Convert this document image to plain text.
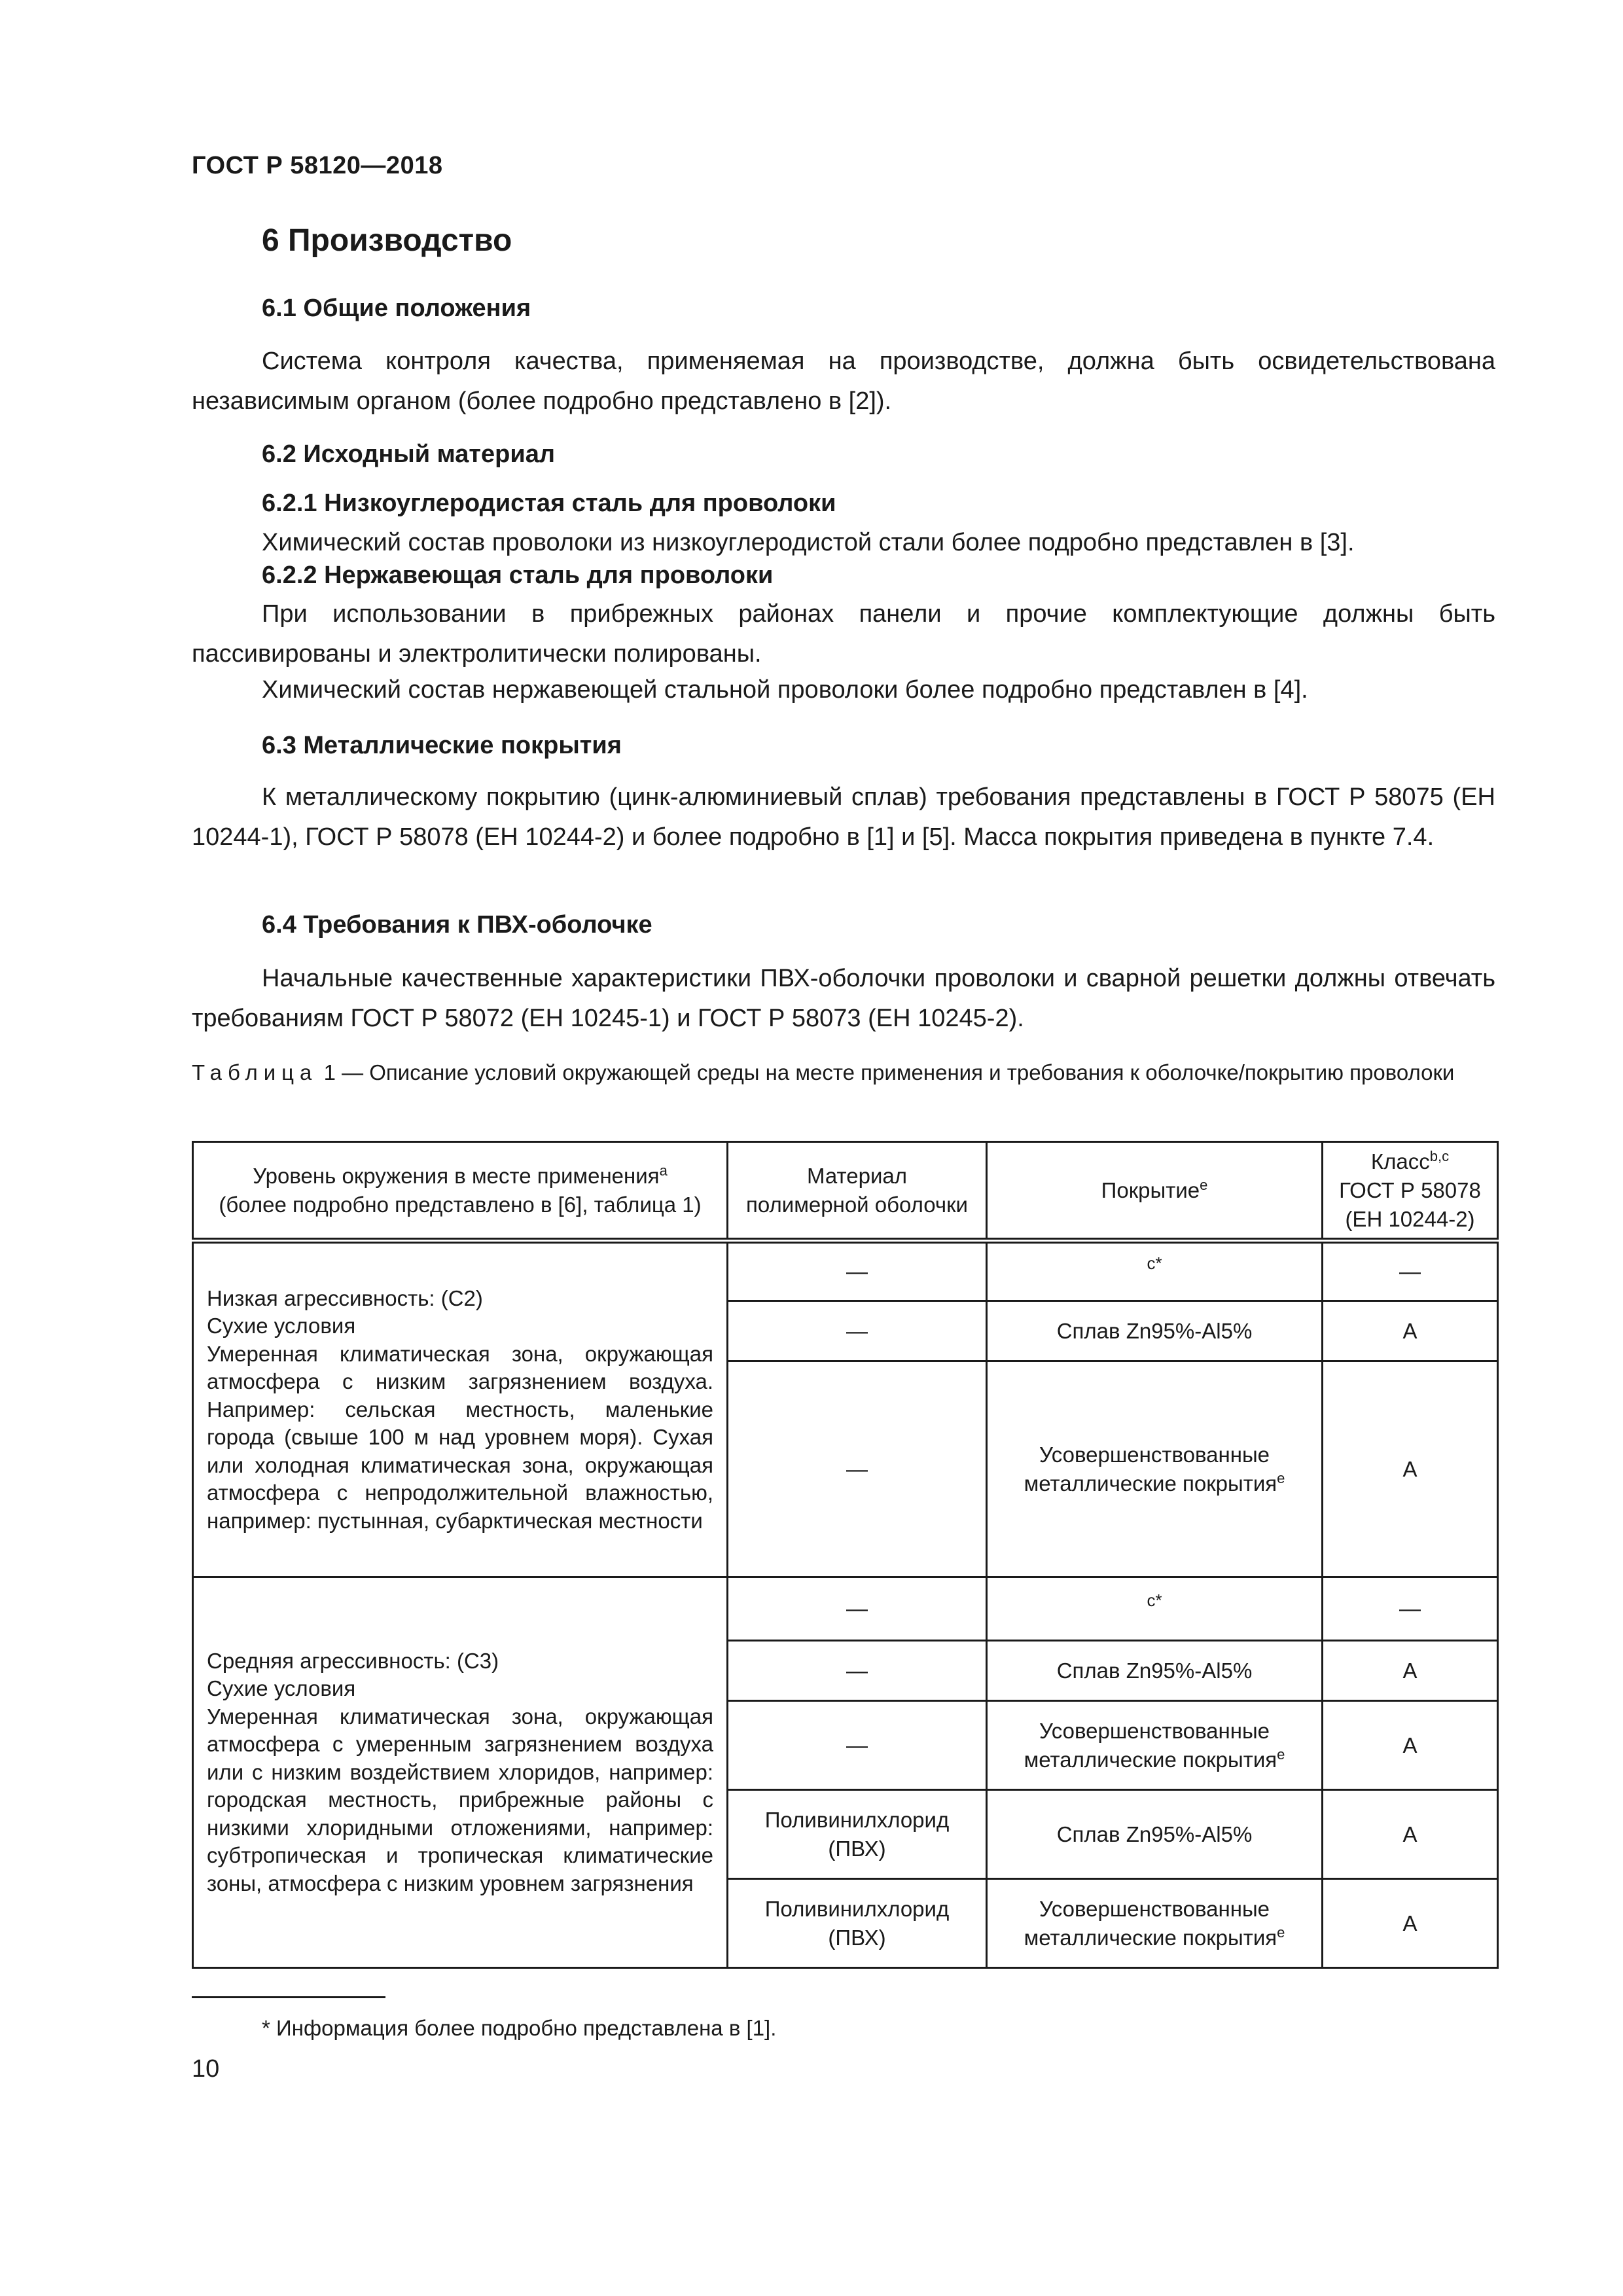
ГОСТ Р 58120—2018
6 Производство
6.1 Общие положения
Система контроля качества, применяемая на производстве, должна быть освидетельствована независимым органом (более подробно представлено в [2]).
6.2 Исходный материал
6.2.1 Низкоуглеродистая сталь для проволоки
Химический состав проволоки из низкоуглеродистой стали более подробно представлен в [3].
6.2.2 Нержавеющая сталь для проволоки
При использовании в прибрежных районах панели и прочие комплектующие должны быть пассивированы и электролитически полированы.
Химический состав нержавеющей стальной проволоки более подробно представлен в [4].
6.3 Металлические покрытия
К металлическому покрытию (цинк-алюминиевый сплав) требования представлены в ГОСТ Р 58075 (ЕН 10244-1), ГОСТ Р 58078 (ЕН 10244-2) и более подробно в [1] и [5]. Масса покрытия приведена в пункте 7.4.
6.4 Требования к ПВХ-оболочке
Начальные качественные характеристики ПВХ-оболочки проволоки и сварной решетки должны отвечать требованиям ГОСТ Р 58072 (ЕН 10245-1) и ГОСТ Р 58073 (ЕН 10245-2).
Таблица 1 — Описание условий окружающей среды на месте применения и требования к оболочке/покрытию проволоки
Уровень окружения в месте применения$^a$
(более подробно представлено в [6], таблица 1)	Материал
полимерной оболочки	Покрытие$^e$	Класс$^{b,c}$
ГОСТ Р 58078
(ЕН 10244-2)

Низкая агрессивность: (С2)
Сухие условия
Умеренная климатическая зона, окружающая атмосфера с низким загрязнением воздуха. Например: сельская местность, маленькие города (свыше 100 м над уровнем моря). Сухая или холодная климатическая зона, окружающая атмосфера с непродолжительной влажностью, например: пустынная, субарктическая местности	—	$^{c*}$	—
	—	Сплав Zn95%-Al5%	A
	—	Усовершенствованные
металлические покрытия$^e$	A

Средняя агрессивность: (С3)
Сухие условия
Умеренная климатическая зона, окружающая атмосфера с умеренным загрязнением воздуха или с низким воздействием хлоридов, например: городская местность, прибрежные районы с низкими хлоридными отложениями, например: субтропическая и тропическая климатические зоны, атмосфера с низким уровнем загрязнения	—	$^{c*}$	—
	—	Сплав Zn95%-Al5%	A
	—	Усовершенствованные
металлические покрытия$^e$	A
	Поливинилхлорид
(ПВХ)	Сплав Zn95%-Al5%	A
	Поливинилхлорид
(ПВХ)	Усовершенствованные
металлические покрытия$^e$	A
* Информация более подробно представлена в [1].
10
